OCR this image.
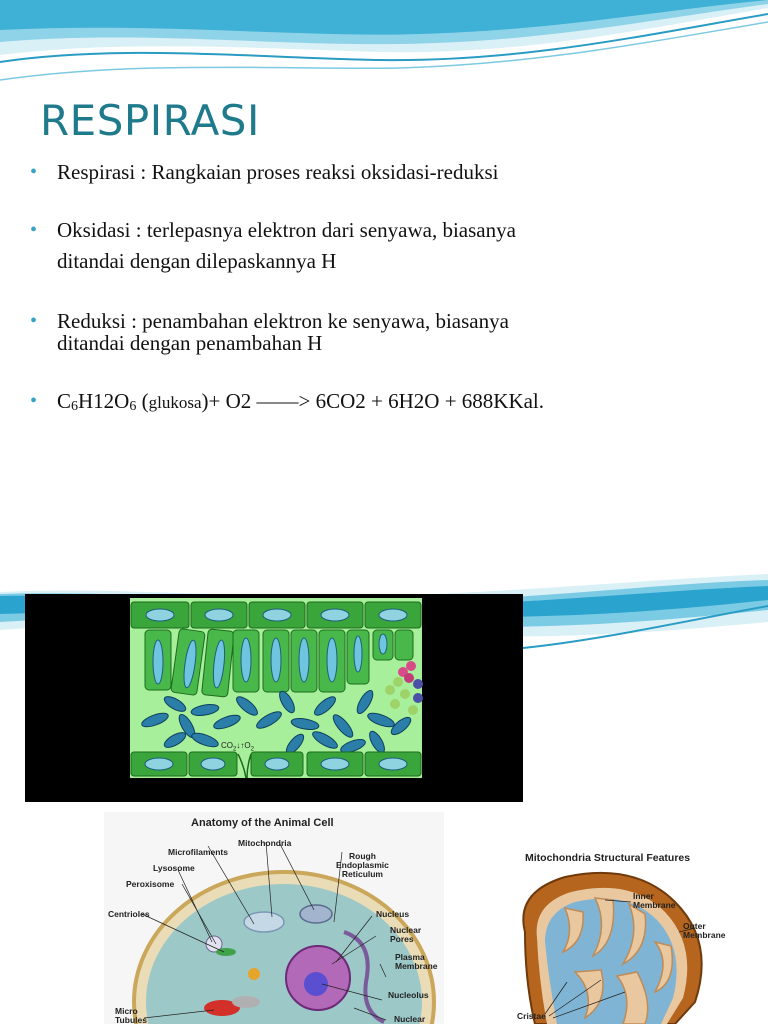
RESPIRASI
• Respirasi : Rangkaian proses reaksi oksidasi-reduksi
• Oksidasi : terlepasnya elektron dari senyawa, biasanya
ditandai dengan dilepaskannya H
• Reduksi : penambahan elektron ke senyawa, biasanya
ditandai dengan penambahan H
• $C_6H12O_6$ (glukosa)+ O2 ——> 6CO2 + 6H2O + 688KKal.
$CO_2↓↑O_2$
Anatomy of the Animal Cell
Mitochondria
Microfilaments
Lysosome
Peroxisome
Centrioles
Micro
Tubules
Rough
Endoplasmic
Reticulum
Nucleus
Nuclear
Pores
Plasma
Membrane
Nucleolus
Nuclear
Mitochondria Structural Features
Inner
Membrane
Outer
Membrane
Cristae
